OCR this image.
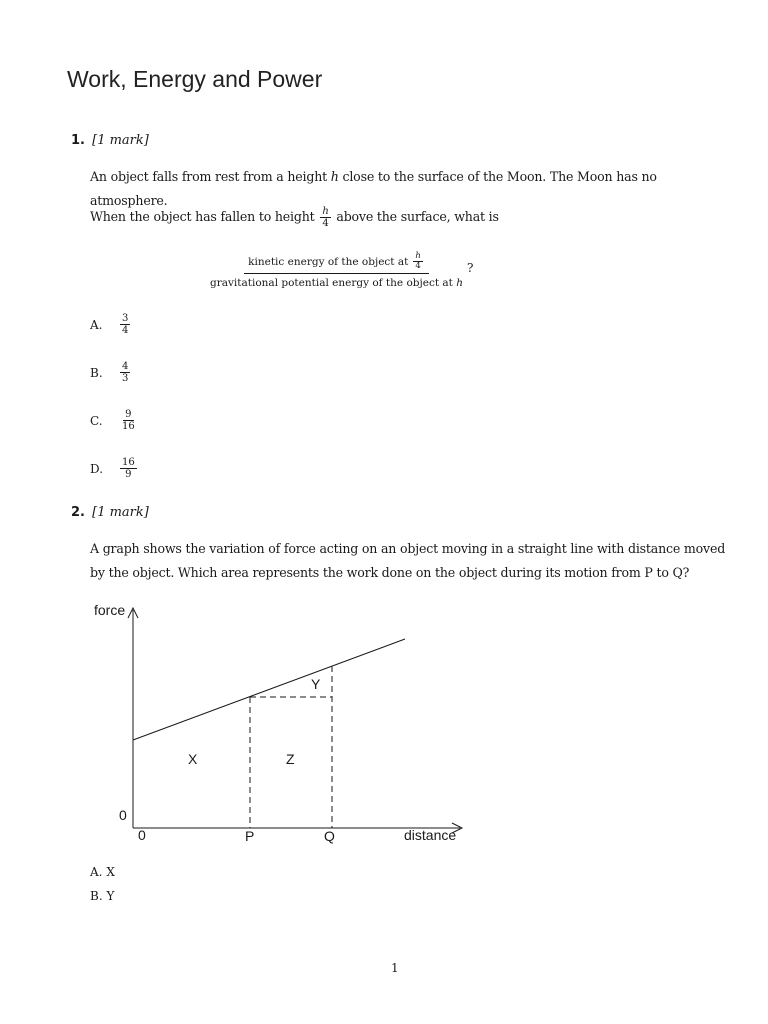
Work, Energy and Power
1. [1 mark]
An object falls from rest from a height h close to the surface of the Moon. The Moon has no atmosphere.
When the object has fallen to height $\frac{h}{4}$ above the surface, what is
kinetic energy of the object at $\frac{h}{4}$
gravitational potential energy of the object at h
?
A.	$\frac{3}{4}$
B.	$\frac{4}{3}$
C.	$\frac{9}{16}$
D.	$\frac{16}{9}$
2. [1 mark]
A graph shows the variation of force acting on an object moving in a straight line with distance moved
by the object. Which area represents the work done on the object during its motion from P to Q?
force
distance
0
0	P	Q
X
Y
Z
A. X
B. Y
1
